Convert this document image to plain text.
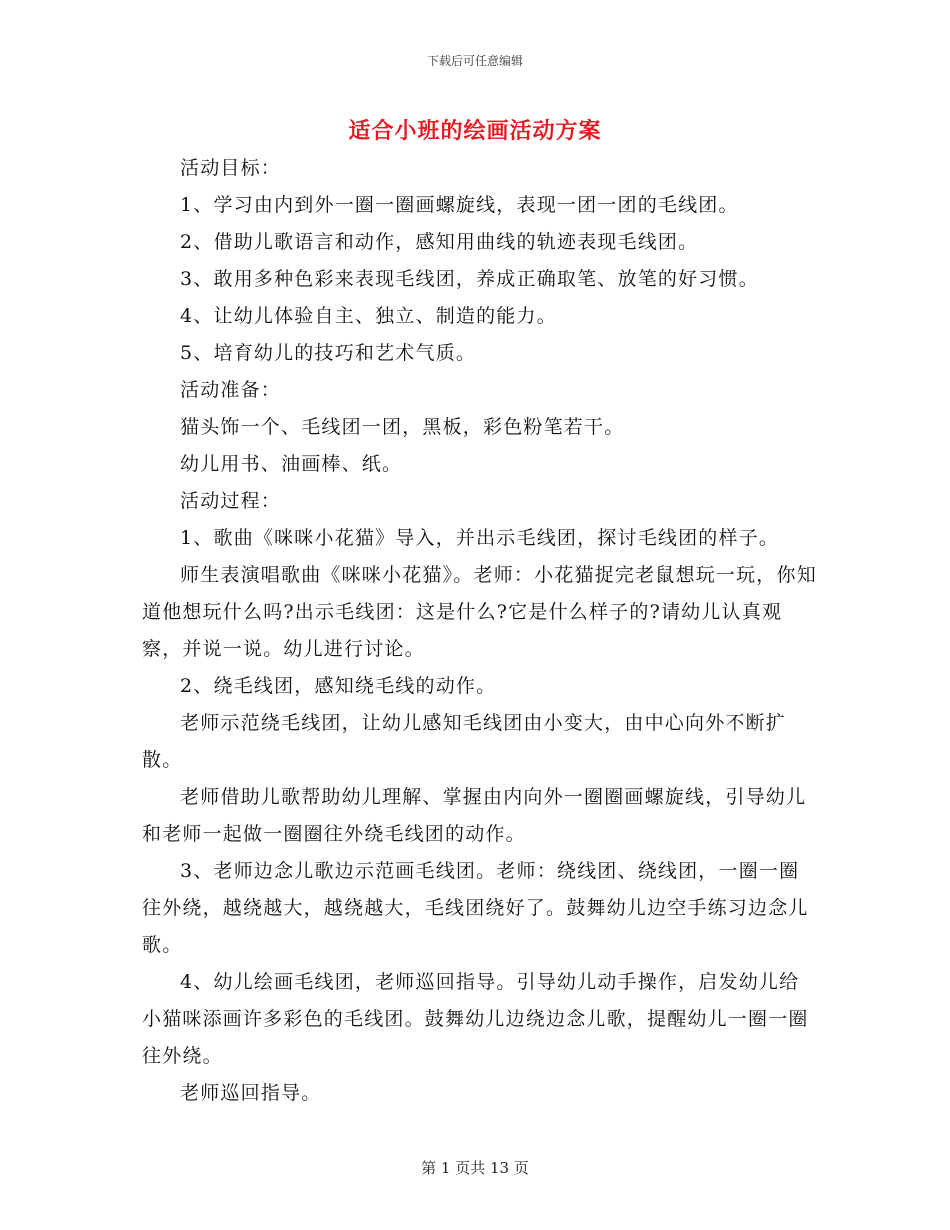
下载后可任意编辑
适合小班的绘画活动方案

活动目标：

1、学习由内到外一圈一圈画螺旋线，表现一团一团的毛线团。

2、借助儿歌语言和动作，感知用曲线的轨迹表现毛线团。

3、敢用多种色彩来表现毛线团，养成正确取笔、放笔的好习惯。

4、让幼儿体验自主、独立、制造的能力。

5、培育幼儿的技巧和艺术气质。

活动准备：

猫头饰一个、毛线团一团，黑板，彩色粉笔若干。

幼儿用书、油画棒、纸。

活动过程：

1、歌曲《咪咪小花猫》导入，并出示毛线团，探讨毛线团的样子。

师生表演唱歌曲《咪咪小花猫》。老师：小花猫捉完老鼠想玩一玩，你知道他想玩什么吗?出示毛线团：这是什么?它是什么样子的?请幼儿认真观察，并说一说。幼儿进行讨论。

2、绕毛线团，感知绕毛线的动作。

老师示范绕毛线团，让幼儿感知毛线团由小变大，由中心向外不断扩散。

老师借助儿歌帮助幼儿理解、掌握由内向外一圈圈画螺旋线，引导幼儿和老师一起做一圈圈往外绕毛线团的动作。

3、老师边念儿歌边示范画毛线团。老师：绕线团、绕线团，一圈一圈往外绕，越绕越大，越绕越大，毛线团绕好了。鼓舞幼儿边空手练习边念儿歌。

4、幼儿绘画毛线团，老师巡回指导。引导幼儿动手操作，启发幼儿给小猫咪添画许多彩色的毛线团。鼓舞幼儿边绕边念儿歌，提醒幼儿一圈一圈往外绕。

老师巡回指导。

第 1 页共 13 页
